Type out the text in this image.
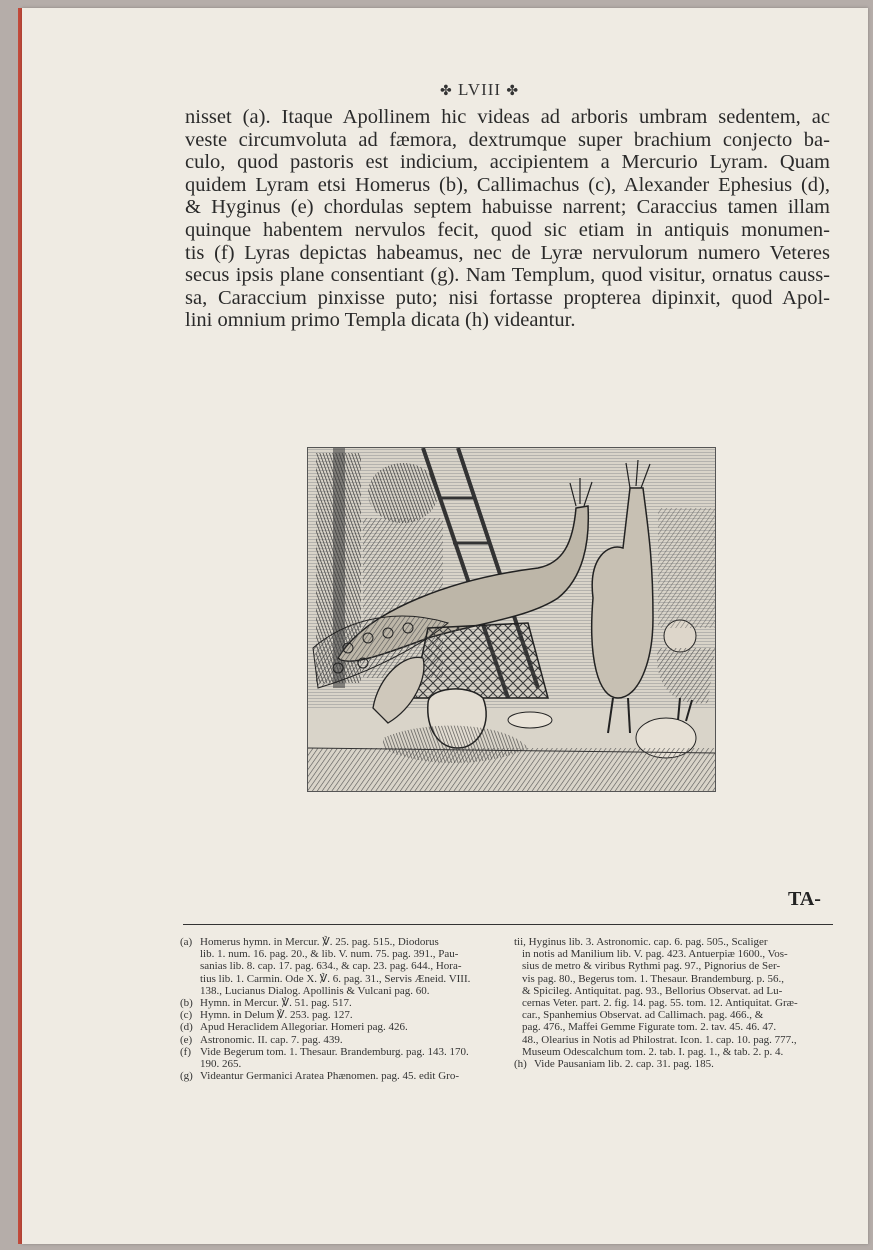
✤ LVIII ✤
nisset (a). Itaque Apollinem hic videas ad arboris umbram sedentem, ac
veste circumvoluta ad fæmora, dextrumque super brachium conjecto ba-
culo, quod pastoris est indicium, accipientem a Mercurio Lyram. Quam
quidem Lyram etsi Homerus (b), Callimachus (c), Alexander Ephesius (d),
& Hyginus (e) chordulas septem habuisse narrent; Caraccius tamen illam
quinque habentem nervulos fecit, quod sic etiam in antiquis monumen-
tis (f) Lyras depictas habeamus, nec de Lyræ nervulorum numero Veteres
secus ipsis plane consentiant (g). Nam Templum, quod visitur, ornatus causs-
sa, Caraccium pinxisse puto; nisi fortasse propterea dipinxit, quod Apol-
lini omnium primo Templa dicata (h) videantur.
TA-
(a) Homerus hymn. in Mercur. ℣. 25. pag. 515., Diodorus
lib. 1. num. 16. pag. 20., & lib. V. num. 75. pag. 391., Pau-
sanias lib. 8. cap. 17. pag. 634., & cap. 23. pag. 644., Hora-
tius lib. 1. Carmin. Ode X. ℣. 6. pag. 31., Servis Æneid. VIII.
138., Lucianus Dialog. Apollinis & Vulcani pag. 60.
(b) Hymn. in Mercur. ℣. 51. pag. 517.
(c) Hymn. in Delum ℣. 253. pag. 127.
(d) Apud Heraclidem Allegoriar. Homeri pag. 426.
(e) Astronomic. II. cap. 7. pag. 439.
(f) Vide Begerum tom. 1. Thesaur. Brandemburg. pag. 143. 170.
190. 265.
(g) Videantur Germanici Aratea Phænomen. pag. 45. edit Gro-
tii, Hyginus lib. 3. Astronomic. cap. 6. pag. 505., Scaliger
in notis ad Manilium lib. V. pag. 423. Antuerpiæ 1600., Vos-
sius de metro & viribus Rythmi pag. 97., Pignorius de Ser-
vis pag. 80., Begerus tom. 1. Thesaur. Brandemburg. p. 56.,
& Spicileg. Antiquitat. pag. 93., Bellorius Observat. ad Lu-
cernas Veter. part. 2. fig. 14. pag. 55. tom. 12. Antiquitat. Græ-
car., Spanhemius Observat. ad Callimach. pag. 466., &
pag. 476., Maffei Gemme Figurate tom. 2. tav. 45. 46. 47.
48., Olearius in Notis ad Philostrat. Icon. 1. cap. 10. pag. 777.,
Museum Odescalchum tom. 2. tab. I. pag. 1., & tab. 2. p. 4.
(h) Vide Pausaniam lib. 2. cap. 31. pag. 185.
